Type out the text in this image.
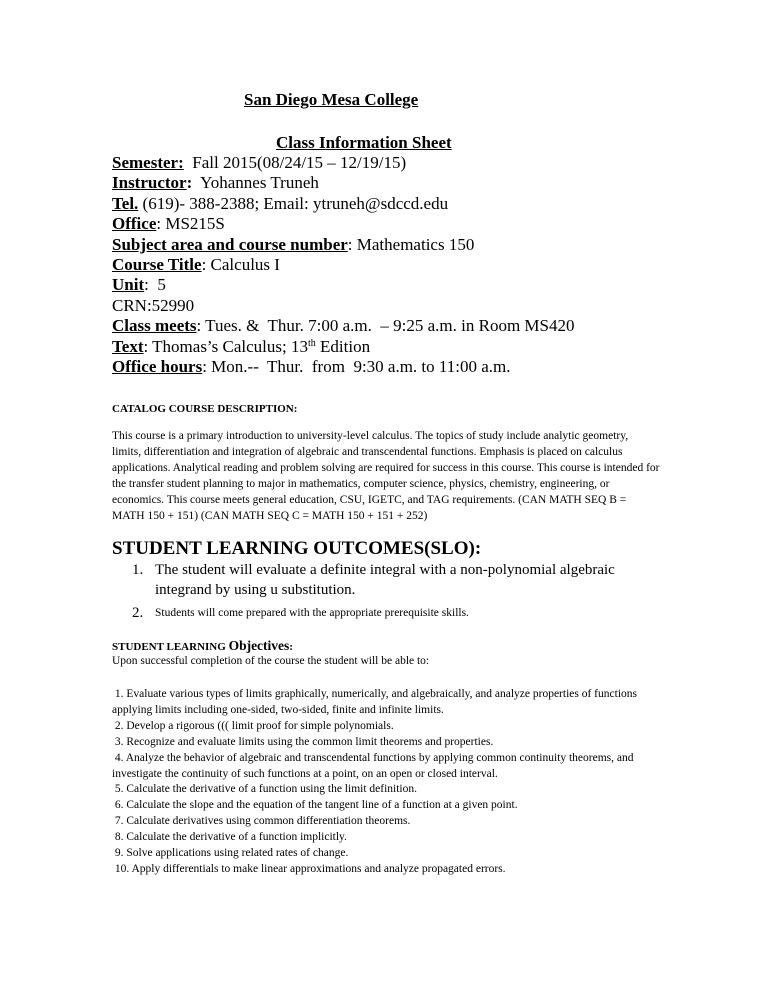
San Diego Mesa College
Class Information Sheet
Semester:  Fall 2015(08/24/15 – 12/19/15)
Instructor:  Yohannes Truneh
Tel. (619)- 388-2388; Email: ytruneh@sdccd.edu
Office: MS215S
Subject area and course number: Mathematics 150
Course Title: Calculus I
Unit:  5
CRN:52990
Class meets: Tues. &  Thur. 7:00 a.m.  – 9:25 a.m. in Room MS420
Text: Thomas’s Calculus; 13th Edition
Office hours: Mon.--  Thur.  from  9:30 a.m. to 11:00 a.m.
CATALOG COURSE DESCRIPTION:
This course is a primary introduction to university-level calculus. The topics of study include analytic geometry, limits, differentiation and integration of algebraic and transcendental functions. Emphasis is placed on calculus applications. Analytical reading and problem solving are required for success in this course. This course is intended for the transfer student planning to major in mathematics, computer science, physics, chemistry, engineering, or economics. This course meets general education, CSU, IGETC, and TAG requirements. (CAN MATH SEQ B = MATH 150 + 151) (CAN MATH SEQ C = MATH 150 + 151 + 252)
STUDENT LEARNING OUTCOMES(SLO):
1. The student will evaluate a definite integral with a non-polynomial algebraic integrand by using u substitution.
2. Students will come prepared with the appropriate prerequisite skills.
STUDENT LEARNING Objectives:
Upon successful completion of the course the student will be able to:

1. Evaluate various types of limits graphically, numerically, and algebraically, and analyze properties of functions applying limits including one-sided, two-sided, finite and infinite limits.

2. Develop a rigorous ((( limit proof for simple polynomials.

3. Recognize and evaluate limits using the common limit theorems and properties.

4. Analyze the behavior of algebraic and transcendental functions by applying common continuity theorems, and investigate the continuity of such functions at a point, on an open or closed interval.

5. Calculate the derivative of a function using the limit definition.

6. Calculate the slope and the equation of the tangent line of a function at a given point.

7. Calculate derivatives using common differentiation theorems.

8. Calculate the derivative of a function implicitly.

9. Solve applications using related rates of change.

10. Apply differentials to make linear approximations and analyze propagated errors.
